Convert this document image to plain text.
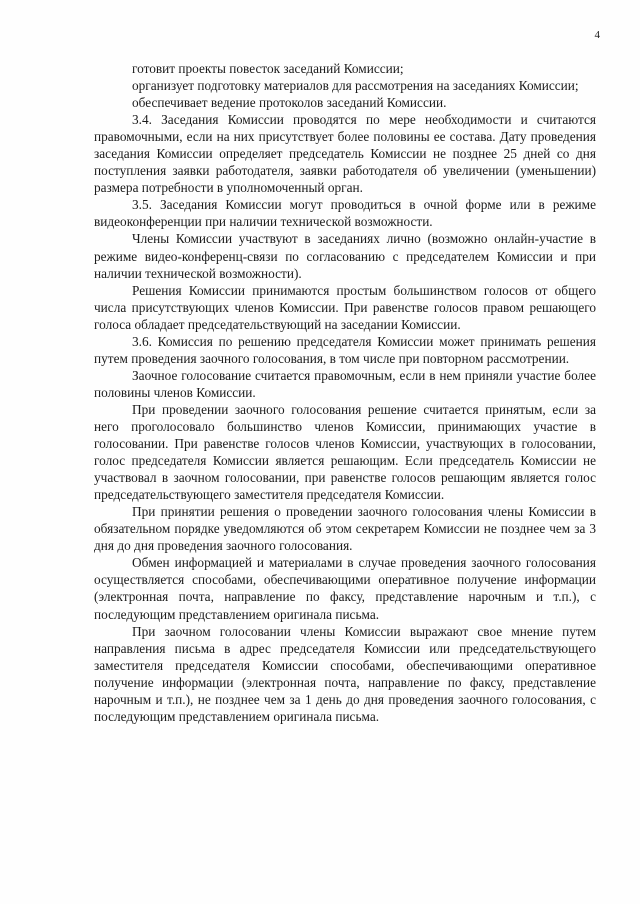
4

готовит проекты повесток заседаний Комиссии;

организует подготовку материалов для рассмотрения на заседаниях Комиссии;

обеспечивает ведение протоколов заседаний Комиссии.

3.4. Заседания Комиссии проводятся по мере необходимости и считаются правомочными, если на них присутствует более половины ее состава. Дату проведения заседания Комиссии определяет председатель Комиссии не позднее 25 дней со дня поступления заявки работодателя, заявки работодателя об увеличении (уменьшении) размера потребности в уполномоченный орган.

3.5. Заседания Комиссии могут проводиться в очной форме или в режиме видеоконференции при наличии технической возможности.

Члены Комиссии участвуют в заседаниях лично (возможно онлайн-участие в режиме видео-конференц-связи по согласованию с председателем Комиссии и при наличии технической возможности).

Решения Комиссии принимаются простым большинством голосов от общего числа присутствующих членов Комиссии. При равенстве голосов правом решающего голоса обладает председательствующий на заседании Комиссии.

3.6. Комиссия по решению председателя Комиссии может принимать решения путем проведения заочного голосования, в том числе при повторном рассмотрении.

Заочное голосование считается правомочным, если в нем приняли участие более половины членов Комиссии.

При проведении заочного голосования решение считается принятым, если за него проголосовало большинство членов Комиссии, принимающих участие в голосовании. При равенстве голосов членов Комиссии, участвующих в голосовании, голос председателя Комиссии является решающим. Если председатель Комиссии не участвовал в заочном голосовании, при равенстве голосов решающим является голос председательствующего заместителя председателя Комиссии.

При принятии решения о проведении заочного голосования члены Комиссии в обязательном порядке уведомляются об этом секретарем Комиссии не позднее чем за 3 дня до дня проведения заочного голосования.

Обмен информацией и материалами в случае проведения заочного голосования осуществляется способами, обеспечивающими оперативное получение информации (электронная почта, направление по факсу, представление нарочным и т.п.), с последующим представлением оригинала письма.

При заочном голосовании члены Комиссии выражают свое мнение путем направления письма в адрес председателя Комиссии или председательствующего заместителя председателя Комиссии способами, обеспечивающими оперативное получение информации (электронная почта, направление по факсу, представление нарочным и т.п.), не позднее чем за 1 день до дня проведения заочного голосования, с последующим представлением оригинала письма.
